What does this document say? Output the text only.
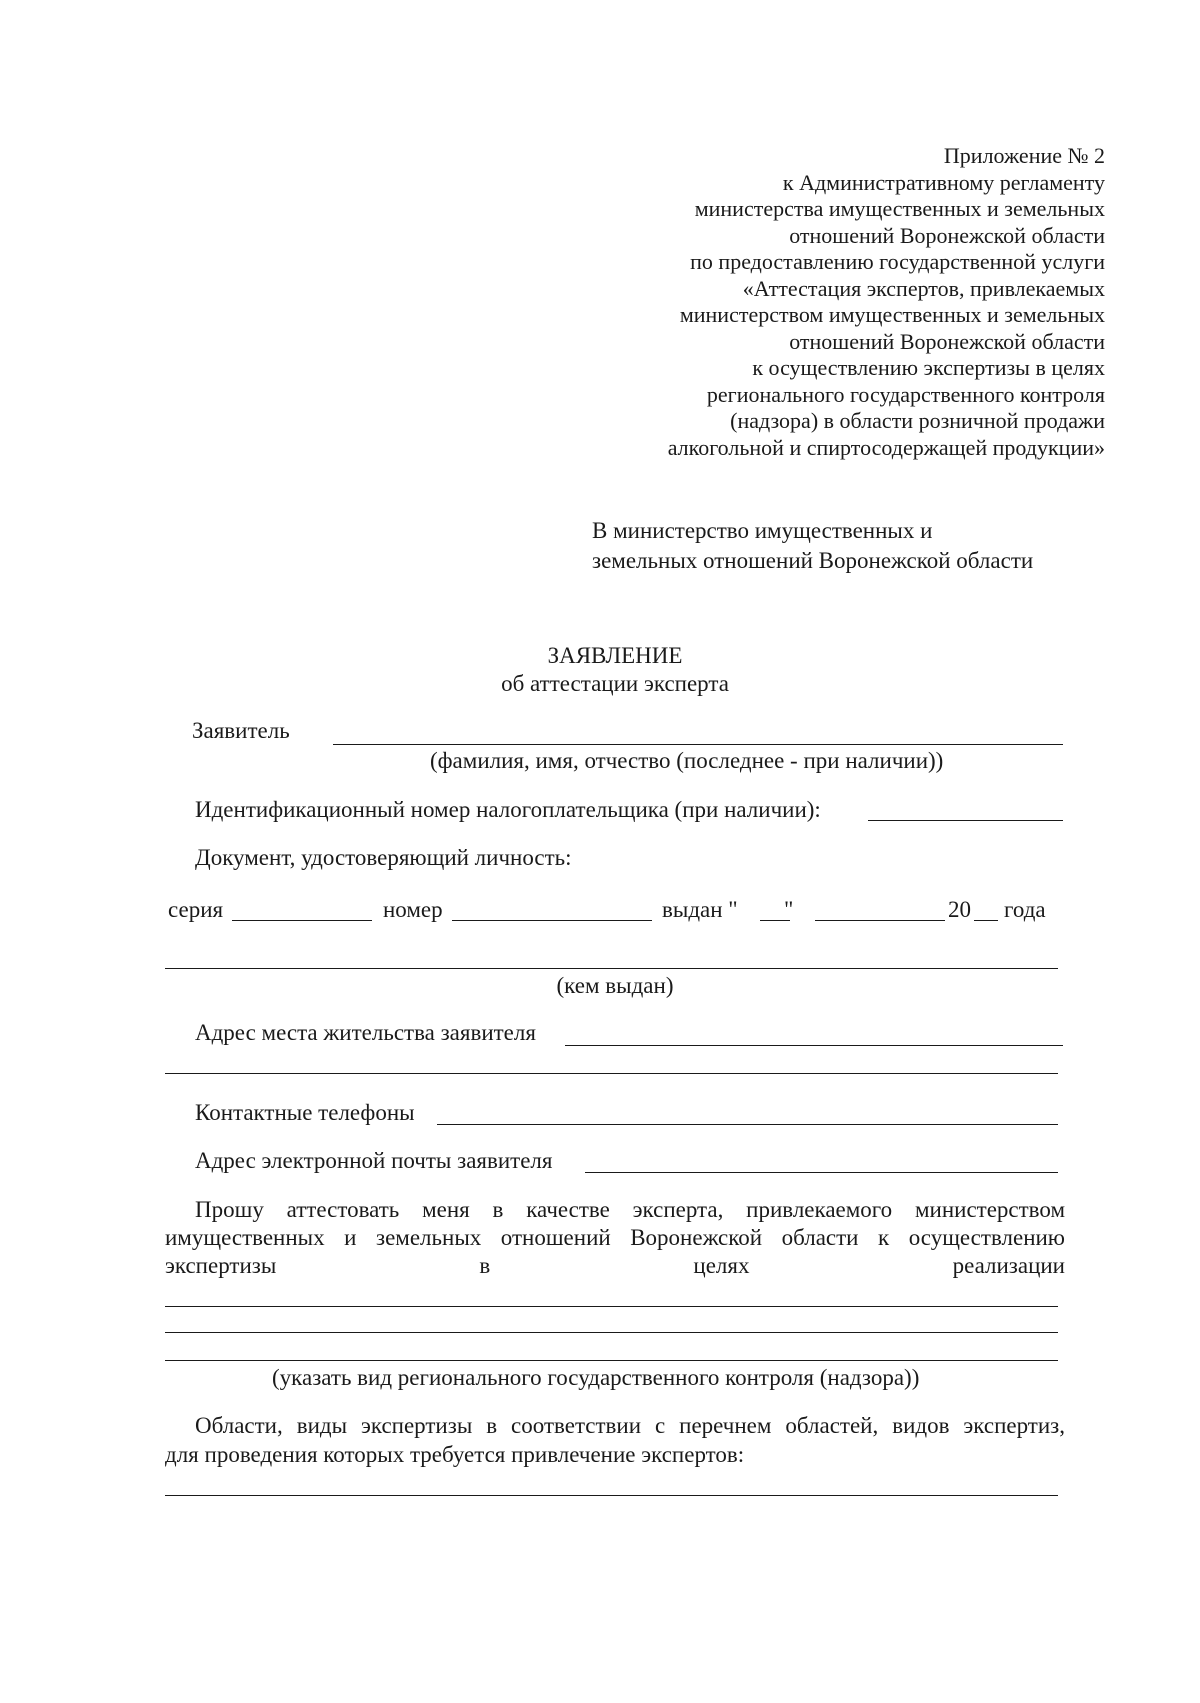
Приложение № 2
к Административному регламенту
министерства имущественных и земельных
отношений Воронежской области
по предоставлению государственной услуги
«Аттестация экспертов, привлекаемых
министерством имущественных и земельных
отношений Воронежской области
к осуществлению экспертизы в целях
регионального государственного контроля
(надзора) в области розничной продажи
алкогольной и спиртосодержащей продукции»
В министерство имущественных и
земельных отношений Воронежской области
ЗАЯВЛЕНИЕ
об аттестации эксперта
Заявитель
(фамилия, имя, отчество (последнее - при наличии))
Идентификационный номер налогоплательщика (при наличии):
Документ, удостоверяющий личность:
серия	номер	выдан " "	20 года
(кем выдан)
Адрес места жительства заявителя
Контактные телефоны
Адрес электронной почты заявителя
Прошу аттестовать меня в качестве эксперта, привлекаемого министерством
имущественных и земельных отношений Воронежской области к осуществлению
экспертизы в целях реализации
(указать вид регионального государственного контроля (надзора))
Области, виды экспертизы в соответствии с перечнем областей, видов экспертиз,
для проведения которых требуется привлечение экспертов:
